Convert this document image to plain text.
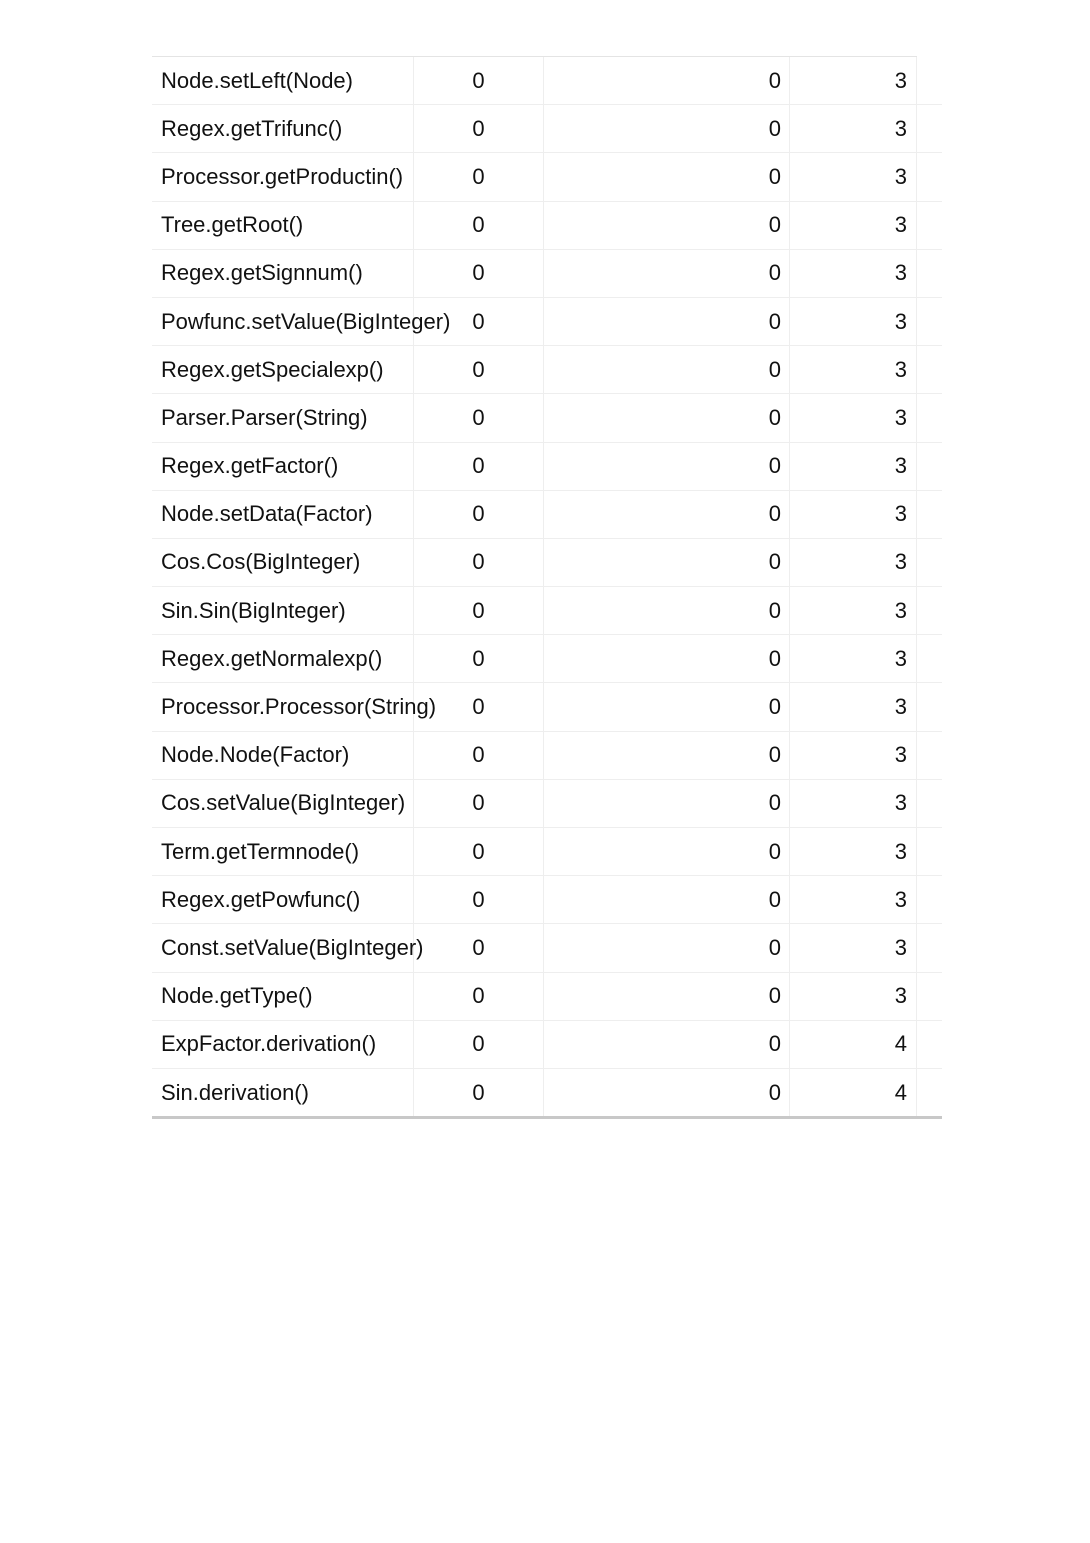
Node.setLeft(Node)	0	0	3
Regex.getTrifunc()	0	0	3
Processor.getProductin()	0	0	3
Tree.getRoot()	0	0	3
Regex.getSignnum()	0	0	3
Powfunc.setValue(BigInteger) 0	0	3
Regex.getSpecialexp()	0	0	3
Parser.Parser(String)	0	0	3
Regex.getFactor()	0	0	3
Node.setData(Factor)	0	0	3
Cos.Cos(BigInteger)	0	0	3
Sin.Sin(BigInteger)	0	0	3
Regex.getNormalexp()	0	0	3
Processor.Processor(String)	0	0	3
Node.Node(Factor)	0	0	3
Cos.setValue(BigInteger)	0	0	3
Term.getTermnode()	0	0	3
Regex.getPowfunc()	0	0	3
Const.setValue(BigInteger)	0	0	3
Node.getType()	0	0	3
ExpFactor.derivation()	0	0	4
Sin.derivation()	0	0	4
